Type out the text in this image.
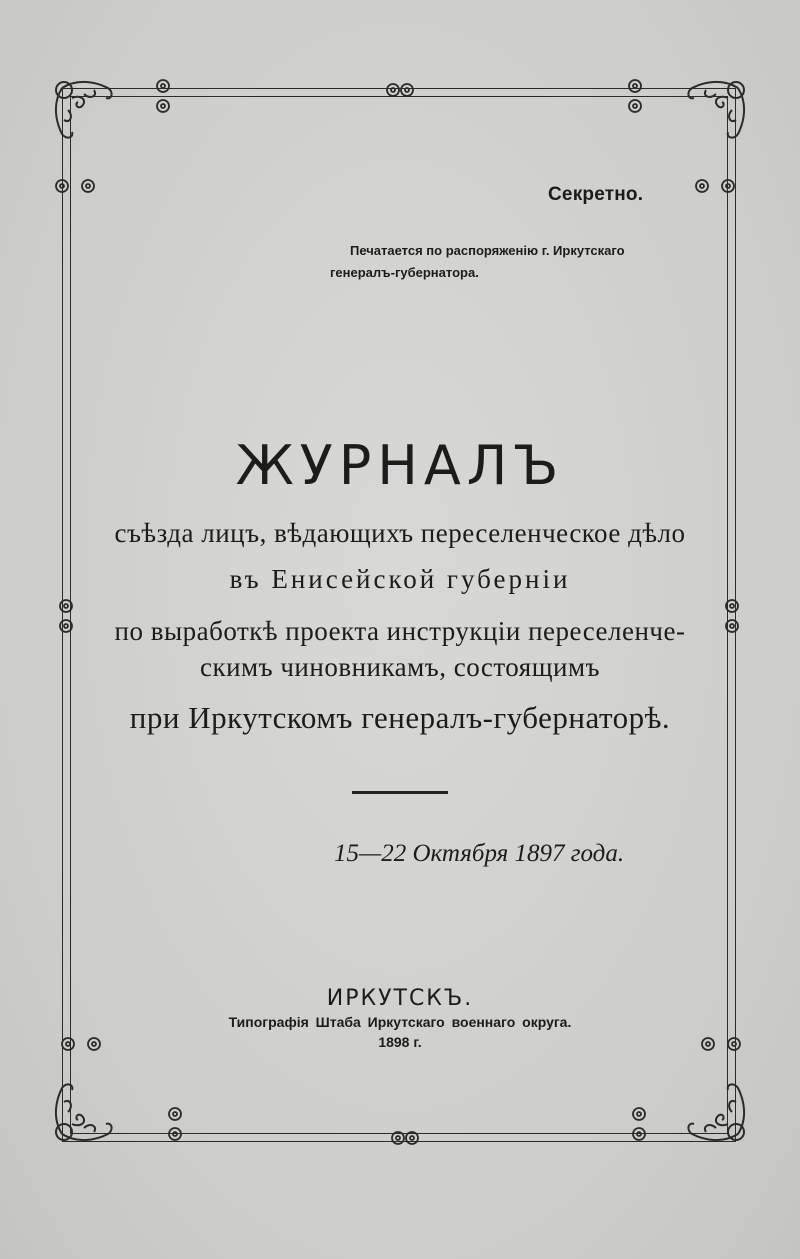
Секретно.
Печатается по распоряженію г. Иркутскаго
генералъ-губернатора.
ЖУРНАЛЪ
съѣзда лицъ, вѣдающихъ переселенческое дѣло
въ Енисейской губерніи
по выработкѣ проекта инструкціи переселенче-
скимъ чиновникамъ, состоящимъ
при Иркутскомъ генералъ-губернаторѣ.
15—22 Октября 1897 года.
ИРКУТСКЪ.
Типографія Штаба Иркутскаго военнаго округа.
1898 г.
